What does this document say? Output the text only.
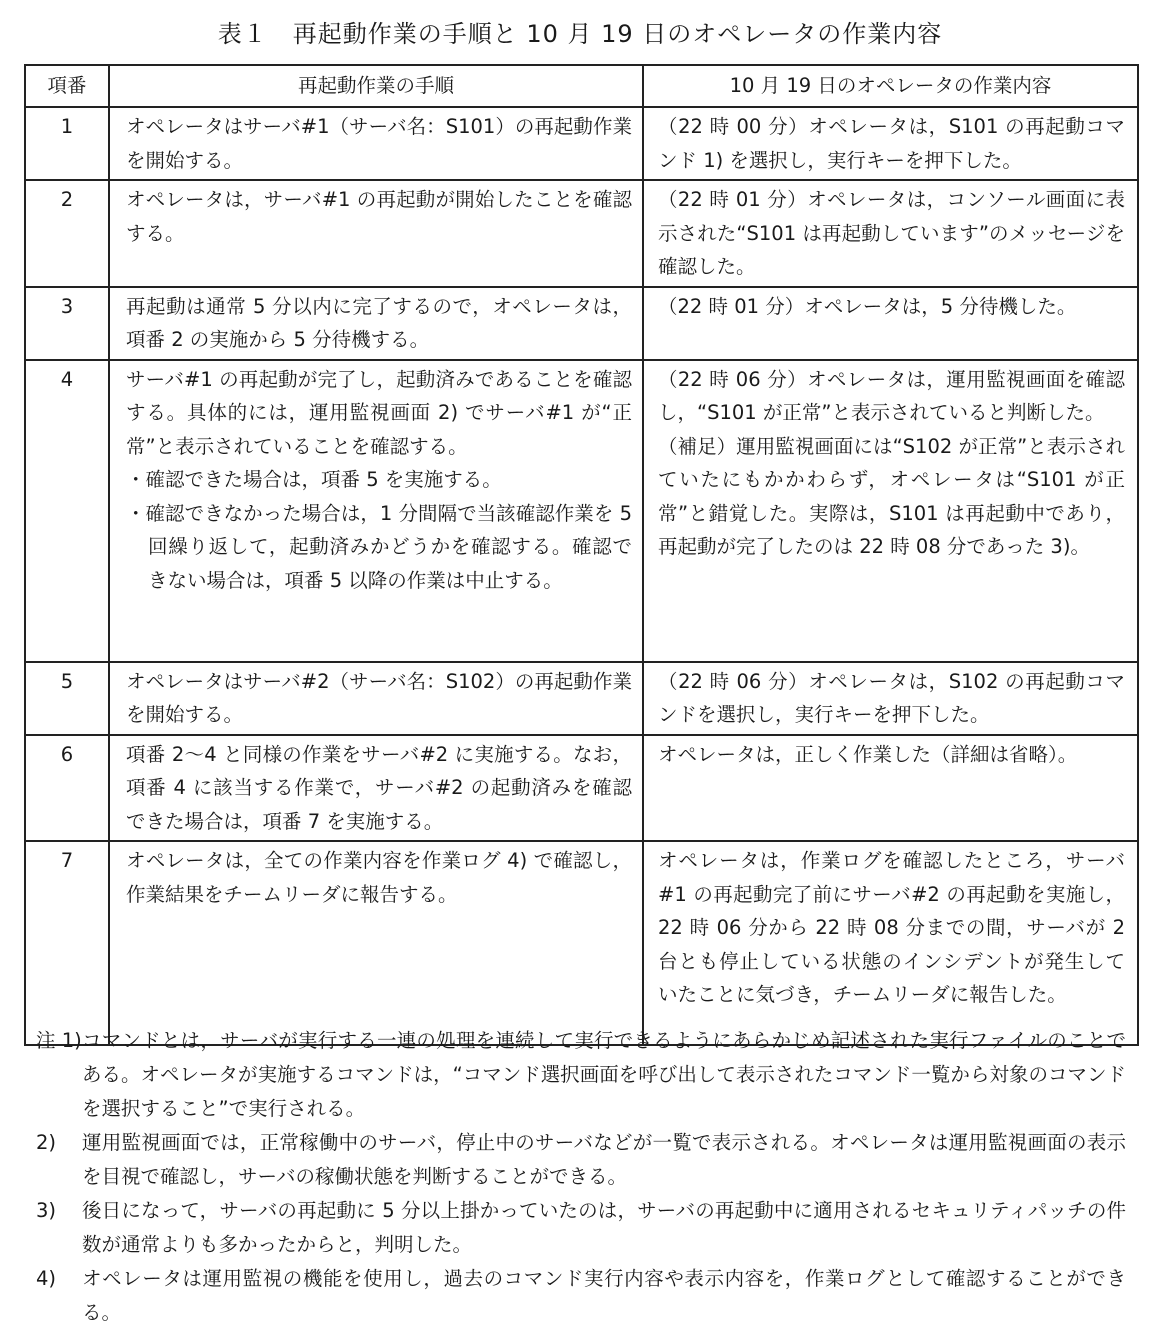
表１　再起動作業の手順と 10 月 19 日のオペレータの作業内容
項番	再起動作業の手順	10 月 19 日のオペレータの作業内容
1	オペレータはサーバ#1（サーバ名：S101）の再起動作業を開始する。	（22 時 00 分）オペレータは，S101 の再起動コマンド 1) を選択し，実行キーを押下した。

2	オペレータは，サーバ#1 の再起動が開始したことを確認する。	（22 時 01 分）オペレータは，コンソール画面に表示された“S101 は再起動しています”のメッセージを確認した。

3	再起動は通常 5 分以内に完了するので，オペレータは，項番 2 の実施から 5 分待機する。	（22 時 01 分）オペレータは，5 分待機した。

4	サーバ#1 の再起動が完了し，起動済みであることを確認する。具体的には，運用監視画面 2) でサーバ#1 が“正常”と表示されていることを確認する。
・確認できた場合は，項番 5 を実施する。
・確認できなかった場合は，1 分間隔で当該確認作業を 5 回繰り返して，起動済みかどうかを確認する。確認できない場合は，項番 5 以降の作業は中止する。	（22 時 06 分）オペレータは，運用監視画面を確認し，“S101 が正常”と表示されていると判断した。
（補足）運用監視画面には“S102 が正常”と表示されていたにもかかわらず，オペレータは“S101 が正常”と錯覚した。実際は，S101 は再起動中であり，再起動が完了したのは 22 時 08 分であった 3)。

5	オペレータはサーバ#2（サーバ名：S102）の再起動作業を開始する。	（22 時 06 分）オペレータは，S102 の再起動コマンドを選択し，実行キーを押下した。

6	項番 2～4 と同様の作業をサーバ#2 に実施する。なお，項番 4 に該当する作業で，サーバ#2 の起動済みを確認できた場合は，項番 7 を実施する。	オペレータは，正しく作業した（詳細は省略）。

7	オペレータは，全ての作業内容を作業ログ 4) で確認し，作業結果をチームリーダに報告する。	オペレータは，作業ログを確認したところ，サーバ#1 の再起動完了前にサーバ#2 の再起動を実施し，22 時 06 分から 22 時 08 分までの間，サーバが 2 台とも停止している状態のインシデントが発生していたことに気づき，チームリーダに報告した。
注 1) コマンドとは，サーバが実行する一連の処理を連続して実行できるようにあらかじめ記述された実行ファイルのことである。オペレータが実施するコマンドは，“コマンド選択画面を呼び出して表示されたコマンド一覧から対象のコマンドを選択すること”で実行される。
2) 運用監視画面では，正常稼働中のサーバ，停止中のサーバなどが一覧で表示される。オペレータは運用監視画面の表示を目視で確認し，サーバの稼働状態を判断することができる。
3) 後日になって，サーバの再起動に 5 分以上掛かっていたのは，サーバの再起動中に適用されるセキュリティパッチの件数が通常よりも多かったからと，判明した。
4) オペレータは運用監視の機能を使用し，過去のコマンド実行内容や表示内容を，作業ログとして確認することができる。
